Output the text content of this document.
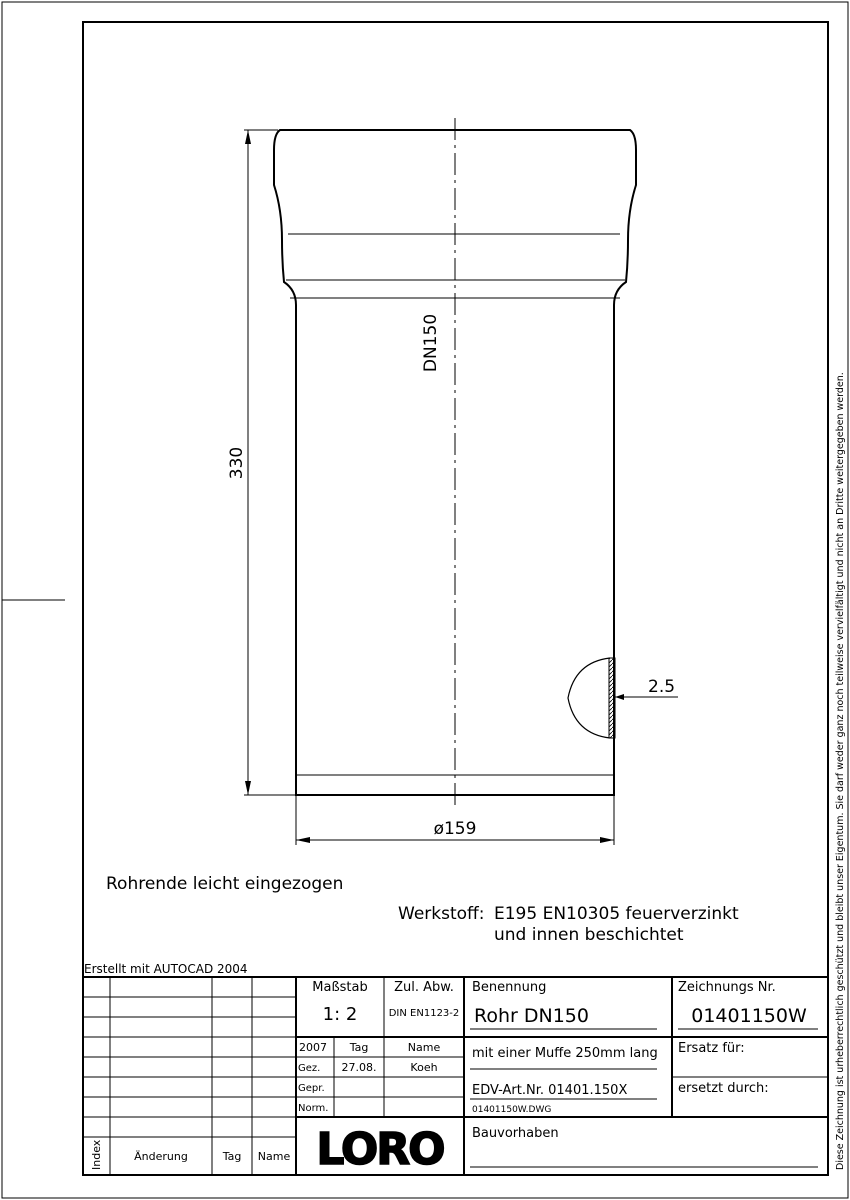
330
DN150
2.5
ø159
Rohrende leicht eingezogen
Werkstoff: E195 EN10305 feuerverzinkt
und innen beschichtet
Erstellt mit AUTOCAD 2004	Diese Zeichnung ist urheberrechtlich geschützt und bleibt unser Eigentum. Sie darf weder ganz noch teilweise vervielfältigt und nicht an Dritte weitergegeben werden.
Index	Änderung	Tag Name
Maßstab
1: 2
Zul. Abw.
DIN EN1123-2
2007 Tag	Name
Gez. 27.08.	Koeh
Gepr.
Norm.
LORO
Benennung
Rohr DN150
mit einer Muffe 250mm lang
EDV-Art.Nr. 01401.150X
01401150W.DWG
Bauvorhaben
Zeichnungs Nr.
01401150W
Ersatz für:
ersetzt durch:
